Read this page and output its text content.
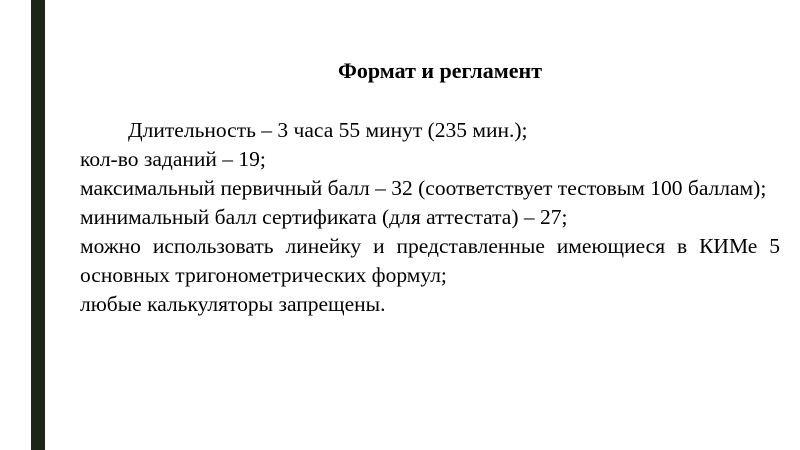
Формат и регламент

Длительность – 3 часа 55 минут (235 мин.);

кол-во заданий – 19;

максимальный первичный балл – 32 (соответствует тестовым 100 баллам);

минимальный балл сертификата (для аттестата) – 27;

можно использовать линейку и представленные имеющиеся в КИМе 5 основных тригонометрических формул;

любые калькуляторы запрещены.
